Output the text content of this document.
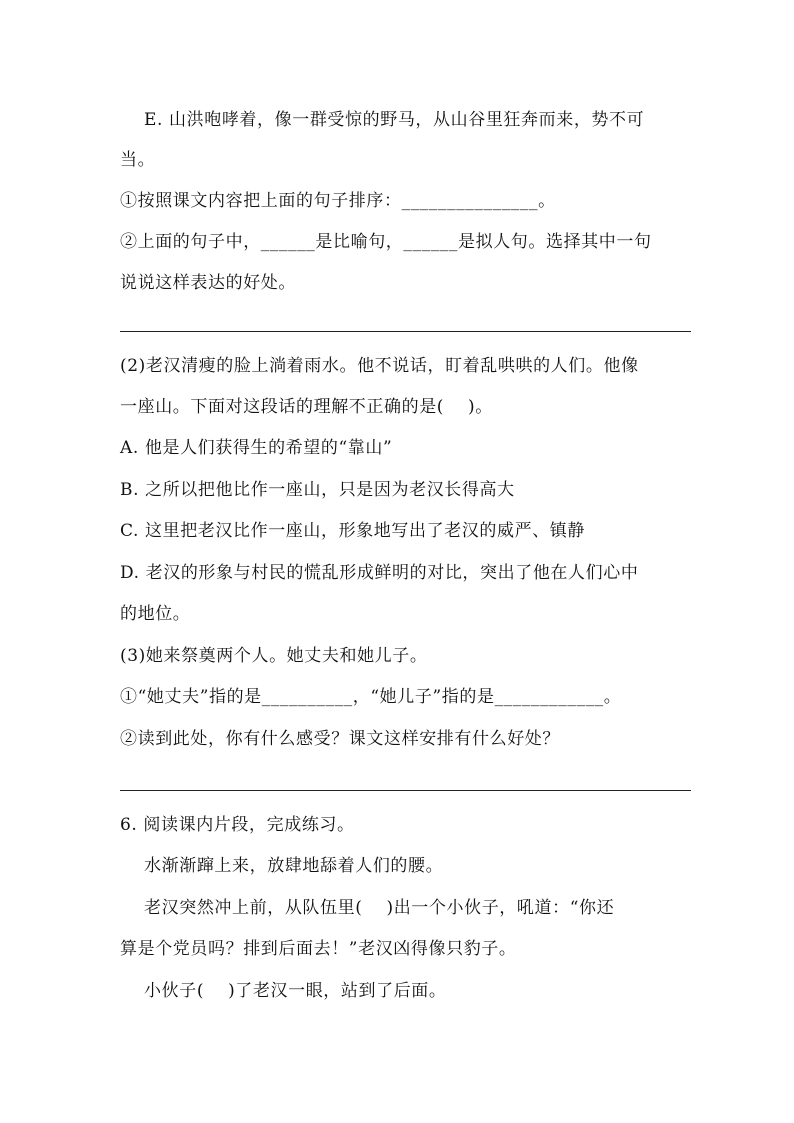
E. 山洪咆哮着，像一群受惊的野马，从山谷里狂奔而来，势不可
当。
①按照课文内容把上面的句子排序：_______________。
②上面的句子中，______是比喻句，______是拟人句。选择其中一句
说说这样表达的好处。
(2)老汉清瘦的脸上淌着雨水。他不说话，盯着乱哄哄的人们。他像
一座山。下面对这段话的理解不正确的是(    )。
A. 他是人们获得生的希望的“靠山”
B. 之所以把他比作一座山，只是因为老汉长得高大
C. 这里把老汉比作一座山，形象地写出了老汉的威严、镇静
D. 老汉的形象与村民的慌乱形成鲜明的对比，突出了他在人们心中
的地位。
(3)她来祭奠两个人。她丈夫和她儿子。
①“她丈夫”指的是__________，“她儿子”指的是____________。
②读到此处，你有什么感受？课文这样安排有什么好处？
6. 阅读课内片段，完成练习。
水渐渐蹿上来，放肆地舔着人们的腰。
老汉突然冲上前，从队伍里(    )出一个小伙子，吼道：“你还
算是个党员吗？排到后面去！”老汉凶得像只豹子。
小伙子(    )了老汉一眼，站到了后面。
